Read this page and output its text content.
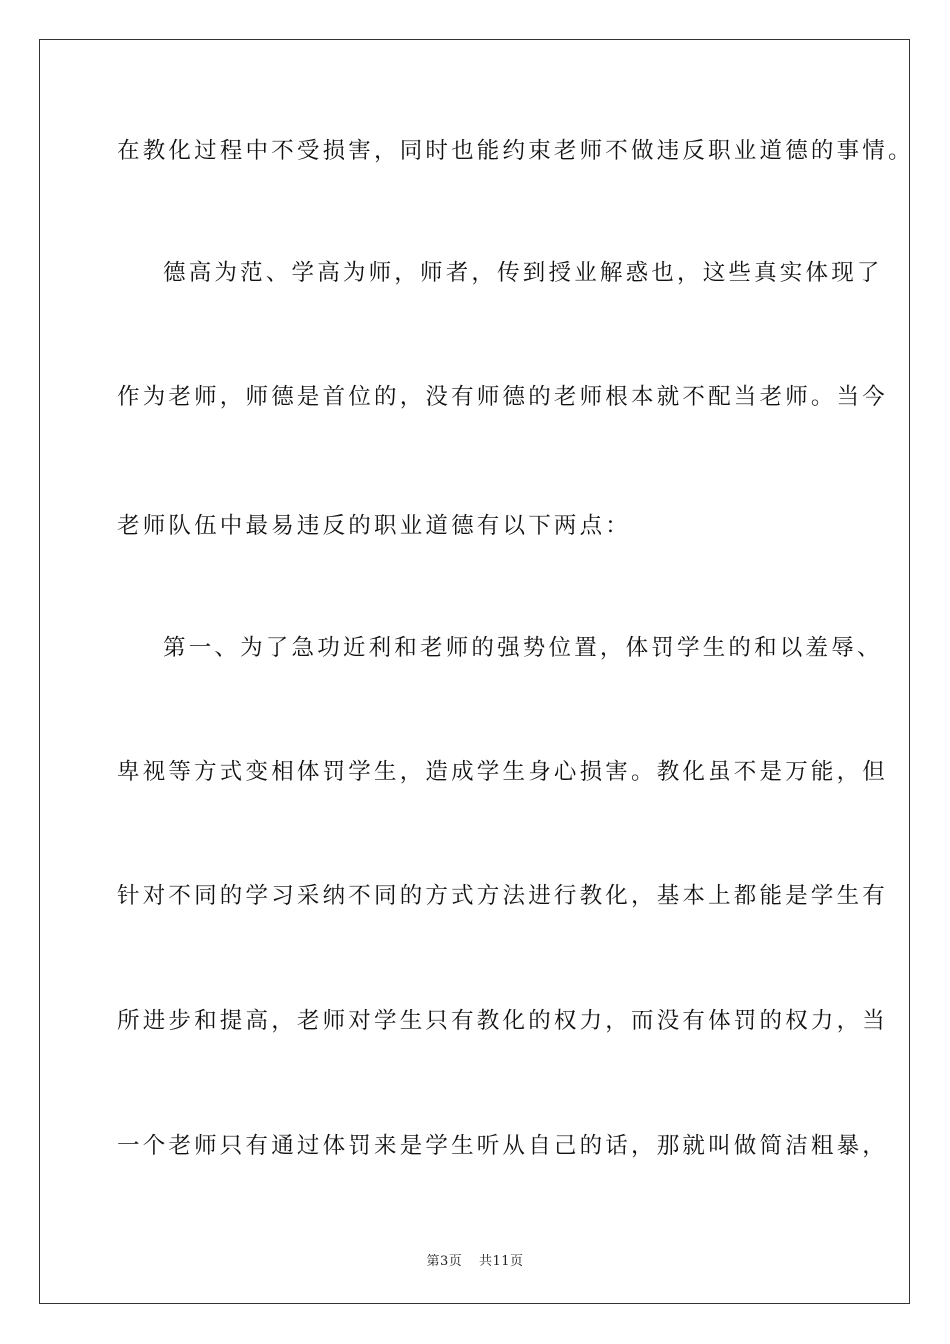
在教化过程中不受损害，同时也能约束老师不做违反职业道德的事情。
德高为范、学高为师，师者，传到授业解惑也，这些真实体现了
作为老师，师德是首位的，没有师德的老师根本就不配当老师。当今
老师队伍中最易违反的职业道德有以下两点：
第一、为了急功近利和老师的强势位置，体罚学生的和以羞辱、
卑视等方式变相体罚学生，造成学生身心损害。教化虽不是万能，但
针对不同的学习采纳不同的方式方法进行教化，基本上都能是学生有
所进步和提高，老师对学生只有教化的权力，而没有体罚的权力，当
一个老师只有通过体罚来是学生听从自己的话，那就叫做简洁粗暴，
第3页 共11页
